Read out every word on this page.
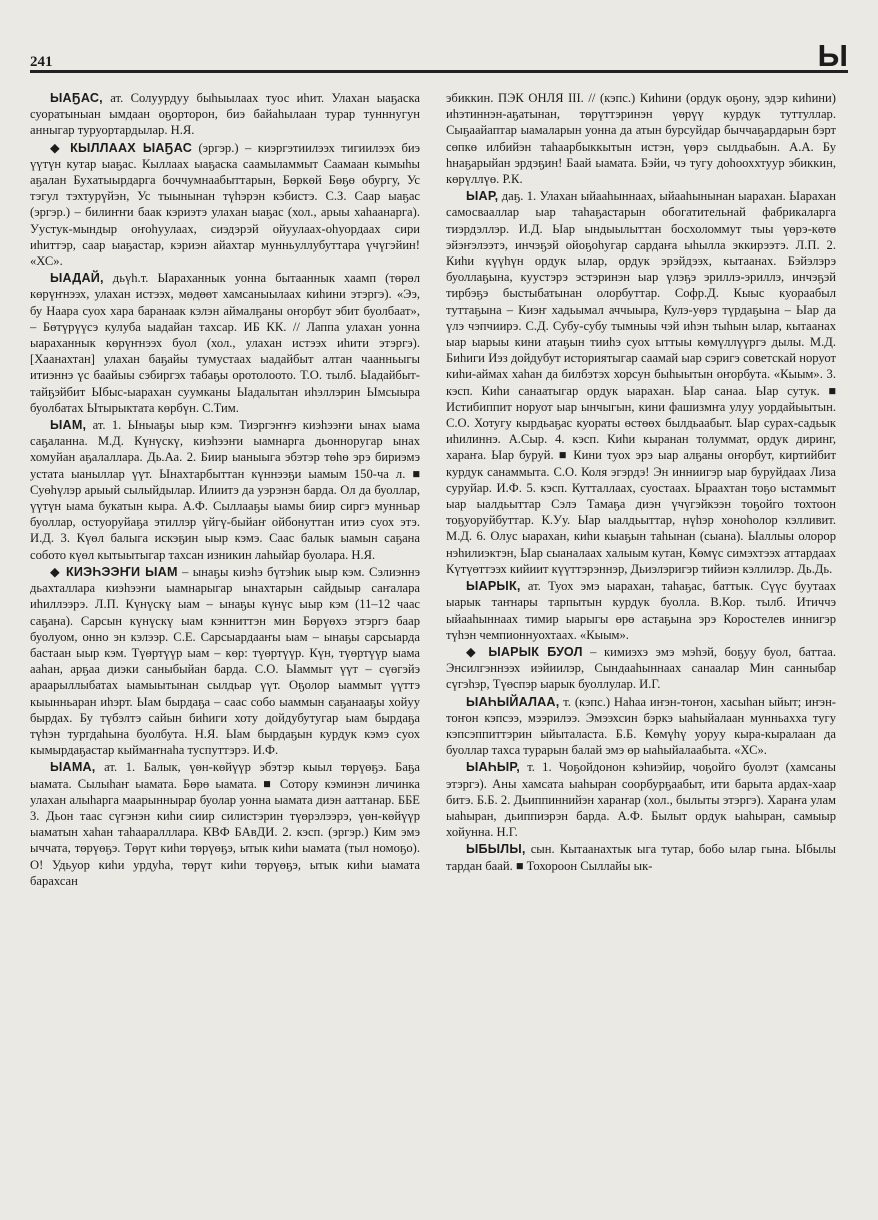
241	Ы

ЫАҔАС, ат. Солуурдуу быһыылаах туос иһит. Улахан ыаҕаска суоратыныан ымдаан оҕорторон, биэ байаһылаан турар тунннугун анныгар туруортардылар. Н.Я.

◆ КЫЛЛААХ ЫАҔАС (эргэр.) – киэргэтиилээх тигиилээх биэ үүтүн кутар ыаҕас. Кыллаах ыаҕаска саамыламмыт Саамаан кымыһы аҕалан Бухатыырдарга боччумнаабыттарын, Бөркөй Бөҕө обургу, Ус тэгул тэхтурүйэн, Ус тыынынан түһэрэн кэбистэ. С.З. Саар ыаҕас (эргэр.) – билиҥҥи баак кэриэтэ улахан ыаҕас (хол., арыы хаһаанарга). Уустук-мындыр оҥоһуулаах, сиэдэрэй ойуулаах-оһуордаах сири иһиттэр, саар ыаҕастар, кэриэн айахтар мунньуллубуттара үчүгэйин! «ХС».

ЫАДАЙ, дьүһ.т. Ыараханнык уонна бытааннык хаамп (төрөл көрүҥнээх, улахан истээх, мөдөөт хамсаныылаах киһини этэргэ). «Ээ, бу Наара суох хара баранаак кэлэн аймалҕаны оҥорбут эбит буолбаат», – Бөтүрүүсэ кулуба ыадайан тахсар. ИБ КК. // Лаппа улахан уонна ыараханнык көрүҥнээх буол (хол., улахан истээх иһити этэргэ). [Хаанахтан] улахан баҕайы тумустаах ыадайбыт алтан чаанньыгы итиэннэ үс баайыы сэбиргэх табаҕы оротолоото. Т.О. тылб. Ыадайбыт-тайҕэйбит Ыбыс-ыарахан суумканы Ыадалытан иһэллэрин Ымсыыра буолбатах Ытырыктата көрбүн. С.Тим.

ЫАМ, ат. 1. Ыныаҕы ыыр кэм. Тиэргэҥҥэ киэһээҥи ынах ыама саҕаланна. М.Д. Күнүскү, киэһээҥи ыамнарга дьонноругар ынах хомуйан аҕалаллара. Дь.Аа. 2. Биир ыаныыга эбэтэр төһө эрэ бириэмэ устата ыаныллар үүт. Ынахтарбыттан күннээҕи ыамым 150-ча л. ■ Суөһүлэр арыый сылыйдылар. Илиитэ да уэрэнэн барда. Ол да буоллар, үүтүн ыама букатын кыра. А.Ф. Сыллааҕы ыамы биир сиргэ мунньар буоллар, остуоруйаҕа этиллэр үйгү-быйаҥ ойбонуттан итиэ суох этэ. И.Д. 3. Күөл балыга искэҕин ыыр кэмэ. Саас балык ыамын саҕана собото күөл кытыытыгар тахсан изникин лаһыйар буолара. Н.Я.

◆ КИЭҺЭЭҤИ ЫАМ – ынаҕы киэһэ бүтэһик ыыр кэм. Сэлиэннэ дьахталлара киэһээҥи ыамнарыгар ынахтарын сайдыыр саҥалара иһиллээрэ. Л.П. Күнүскү ыам – ынаҕы күнүс ыыр кэм (11–12 чаас саҕана). Сарсын күнүскү ыам кэнниттэн мин Бөрүөхэ этэргэ баар буолуом, онно эн кэлээр. С.Е. Сарсыардааҥы ыам – ынаҕы сарсыарда бастаан ыыр кэм. Түөртүүр ыам – көр: түөртүүр. Күн, түөртүүр ыама ааһан, арҕаа диэки саныбыйан барда. С.О. Ыаммыт үүт – сүөгэйэ араарыллыбатах ыамыытынан сылдьар үүт. Оҕолор ыаммыт үүттэ кыынньаран иһэрт. Ыам бырдаҕа – саас собо ыаммын саҕанааҕы хойуу бырдах. Бу түбэлтэ сайын биһиги хоту дойдубутугар ыам бырдаҕа түһэн тургдаһына буолбута. Н.Я. Ыам бырдаҕын курдук кэмэ суох кымырдаҕастар кыймаҥнаһа туспуттэрэ. И.Ф.

ЫАМА, ат. 1. Балык, үөн-көйүүр эбэтэр кыыл төрүөҕэ. Баҕа ыамата. Сылыһаҥ ыамата. Бөрө ыамата. ■ Сотору кэминэн личинка улахан алыһарга маарыннырар буолар уонна ыамата диэн ааттанар. ББЕ 3. Дьон таас сүгэнэн киһи сиир силистэрин түөрэлээрэ, үөн-көйүүр ыаматын хаһан таһааралллара. КВФ БАвДИ. 2. кэсп. (эргэр.) Ким эмэ ыччата, төрүөҕэ. Төрүт киһи төрүөҕэ, ытык киһи ыамата (тыл номоҕо). О! Удьуор киһи урдуһа, төрүт киһи төрүөҕэ, ытык киһи ыамата барахсан

эбиккин. ПЭК ОНЛЯ III. // (кэпс.) Киһини (ордук оҕону, эдэр киһини) иһэтиннэн-аҕатынан, төрүттэринэн үөрүү курдук туттуллар. Сыҕаайаптар ыамаларын уонна да атын бурсуйдар быччаҕардарын бэрт сөпкө илбийэн таһаарбыккытын истэн, үөрэ сылдьабын. А.А. Бу һнаҕарыйан эрдэҕин! Баай ыамата. Бэйи, чэ тугу доһооххтуур эбиккин, көрүллүө. Р.К.

ЫАР, даҕ. 1. Улахан ыйааһыннаах, ыйааһынынан ыарахан. Ыарахан самосвааллар ыар таһаҕастарын обогатительнай фабрикаларга тиэрдэллэр. И.Д. Ыар ындыылыттан босхоломмут тыы үөрэ-көтө эйэҥэлээтэ, инчэҕэй ойоҕоһугар сардаҥа ыһылла эккирээтэ. Л.П. 2. Киһи күүһүн ордук ылар, ордук эрэйдээх, кытаанах. Бэйэлэрэ буоллаҕына, куустэрэ эстэринэн ыар үлэҕэ эриллэ-эриллэ, инчэҕэй тирбэҕэ быстыбатынан олорбуттар. Софр.Д. Кыыс куораабыл туттаҕына – Киэҥ хадьымал аччыыра, Кулэ-уөрэ түрдаҕына – Ыар да үлэ чэпчиирэ. С.Д. Субу-субу тымныы чэй иһэн тыһын ылар, кытаанах ыар ыарыы кини атаҕын тииһэ суох ыттыы көмүллүүргэ дылы. М.Д. Биһиги Иэз дойдубут историятыгар саамай ыар сэригэ советскай норуот киһи-аймах хаһан да билбэтэх хорсун быһыытын оҥорбута. «Кыым». 3. кэсп. Киһи санаатыгар ордук ыарахан. Ыар санаа. Ыар сутук. ■ Истибиппит норуот ыар ынчыгын, кини фашизмҥа улуу уордайыытын. С.О. Хотугу кырдьаҕас куораты өстөөх былдьаабыт. Ыар сурах-садьык иһилиннэ. А.Сыр. 4. кэсп. Киһи кыранан толуммат, ордук диринг, хараҥа. Ыар буруй. ■ Кини туох эрэ ыар алҕаны оҥорбут, киртийбит курдук санаммыта. С.О. Коля эгэрдэ! Эн инниигэр ыар буруйдаах Лиза суруйар. И.Ф. 5. кэсп. Кутталлаах, суостаах. Ыраахтан тоҕо ыстаммыт ыар ыалдьыттар Сэлэ Тамаҕа диэн үчүгэйкээн тоҕойго тохтоон тоҕуоруйбуттар. К.Уу. Ыар ыалдьыттар, нүһэр хоноһолор кэлливит. М.Д. 6. Олус ыарахан, киһи кыаҕын таһынан (сыана). Ыаллыы олорор нэһилиэктэн, Ыар сыаналаах халыым кутан, Көмүс симэхтээх аттардаах Күтүөттээх кийиит күүттэрэннэр, Дьиэлэригэр тийиэн кэллилэр. Дь.Дь.

ЫАРЫК, ат. Туох эмэ ыарахан, таһаҕас, баттык. Сүүс буутаах ыарык таҥнары тарпытын курдук буолла. В.Кор. тылб. Итиччэ ыйааһыннаах тимир ыарыгы өрө астаҕына эрэ Коростелев иннигэр түһэн чемпионнуохтаах. «Кыым».

◆ ЫАРЫК БУОЛ – кимиэхэ эмэ мэһэй, боҕуу буол, баттаа. Энсилгэннээх иэйиилэр, Сындааһыннаах санаалар Мин санныбар сүгэһэр, Түөспэр ыарык буоллулар. И.Г.

ЫАҺЫЙАЛАА, т. (кэпс.) Наһаа иҥэн-тоҥон, хасыһан ыйыт; иҥэн-тоҥон кэпсээ, мээрилээ. Эмээхсин бэркэ ыаһыйалаан мунньахха тугу кэпсэппиттэрин ыйыталаста. Б.Б. Көмүһү уоруу кыра-кыралаан да буоллар тахса турарын балай эмэ өр ыаһыйалаабыта. «ХС».

ЫАҺЫР, т. 1. Чоҕойдонон кэһиэйир, чоҕойго буолэт (хамсаны этэргэ). Аны хамсата ыаһыран соорбурҕаабыт, ити барыта ардах-хаар битэ. Б.Б. 2. Дьиппиннийэн хараҥар (хол., былыты этэргэ). Хараҥа улам ыаһыран, дьиппиэрэн барда. А.Ф. Былыт ордук ыаһыран, самыыр хойунна. Н.Г.

ЫБЫЛЫ, сын. Кытаанахтык ыга тутар, бобо ылар гына. Ыбылы тардан баай. ■ Тохороон Сыллайы ык-
